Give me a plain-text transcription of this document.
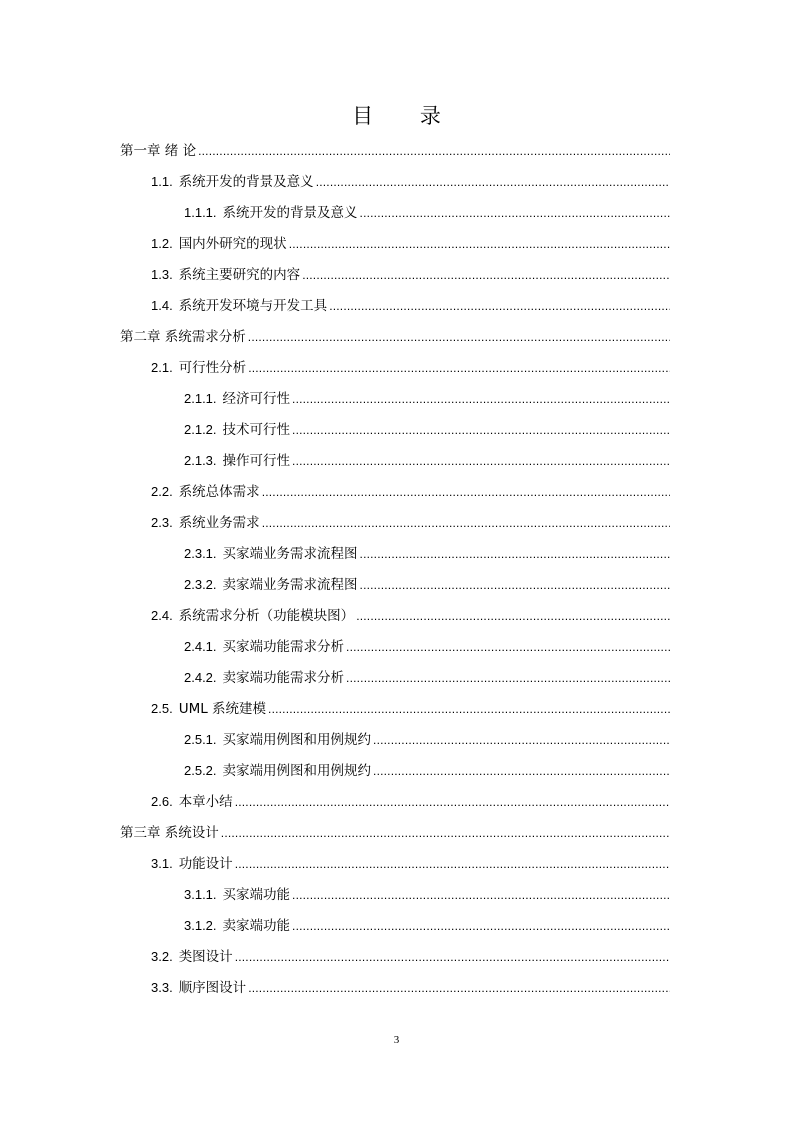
目 录
第一章 绪 论
.....
1.1. 系统开发的背景及意义
.....
1.1.1. 系统开发的背景及意义
.....
1.2. 国内外研究的现状
.....
1.3. 系统主要研究的内容
.....
1.4. 系统开发环境与开发工具
.....
第二章 系统需求分析
.....
2.1. 可行性分析
.....
2.1.1. 经济可行性
.....
2.1.2. 技术可行性
.....
2.1.3. 操作可行性
.....
2.2. 系统总体需求
.....
2.3. 系统业务需求
.....
2.3.1. 买家端业务需求流程图
.....
2.3.2. 卖家端业务需求流程图
.....
2.4. 系统需求分析（功能模块图）
.....
2.4.1. 买家端功能需求分析
.....
2.4.2. 卖家端功能需求分析
.....
2.5. UML 系统建模
.....
2.5.1. 买家端用例图和用例规约
.....
2.5.2. 卖家端用例图和用例规约
.....
2.6. 本章小结
.....
第三章 系统设计
.....
3.1. 功能设计
.....
3.1.1. 买家端功能
.....
3.1.2. 卖家端功能
.....
3.2. 类图设计
.....
3.3. 顺序图设计
.....
3
